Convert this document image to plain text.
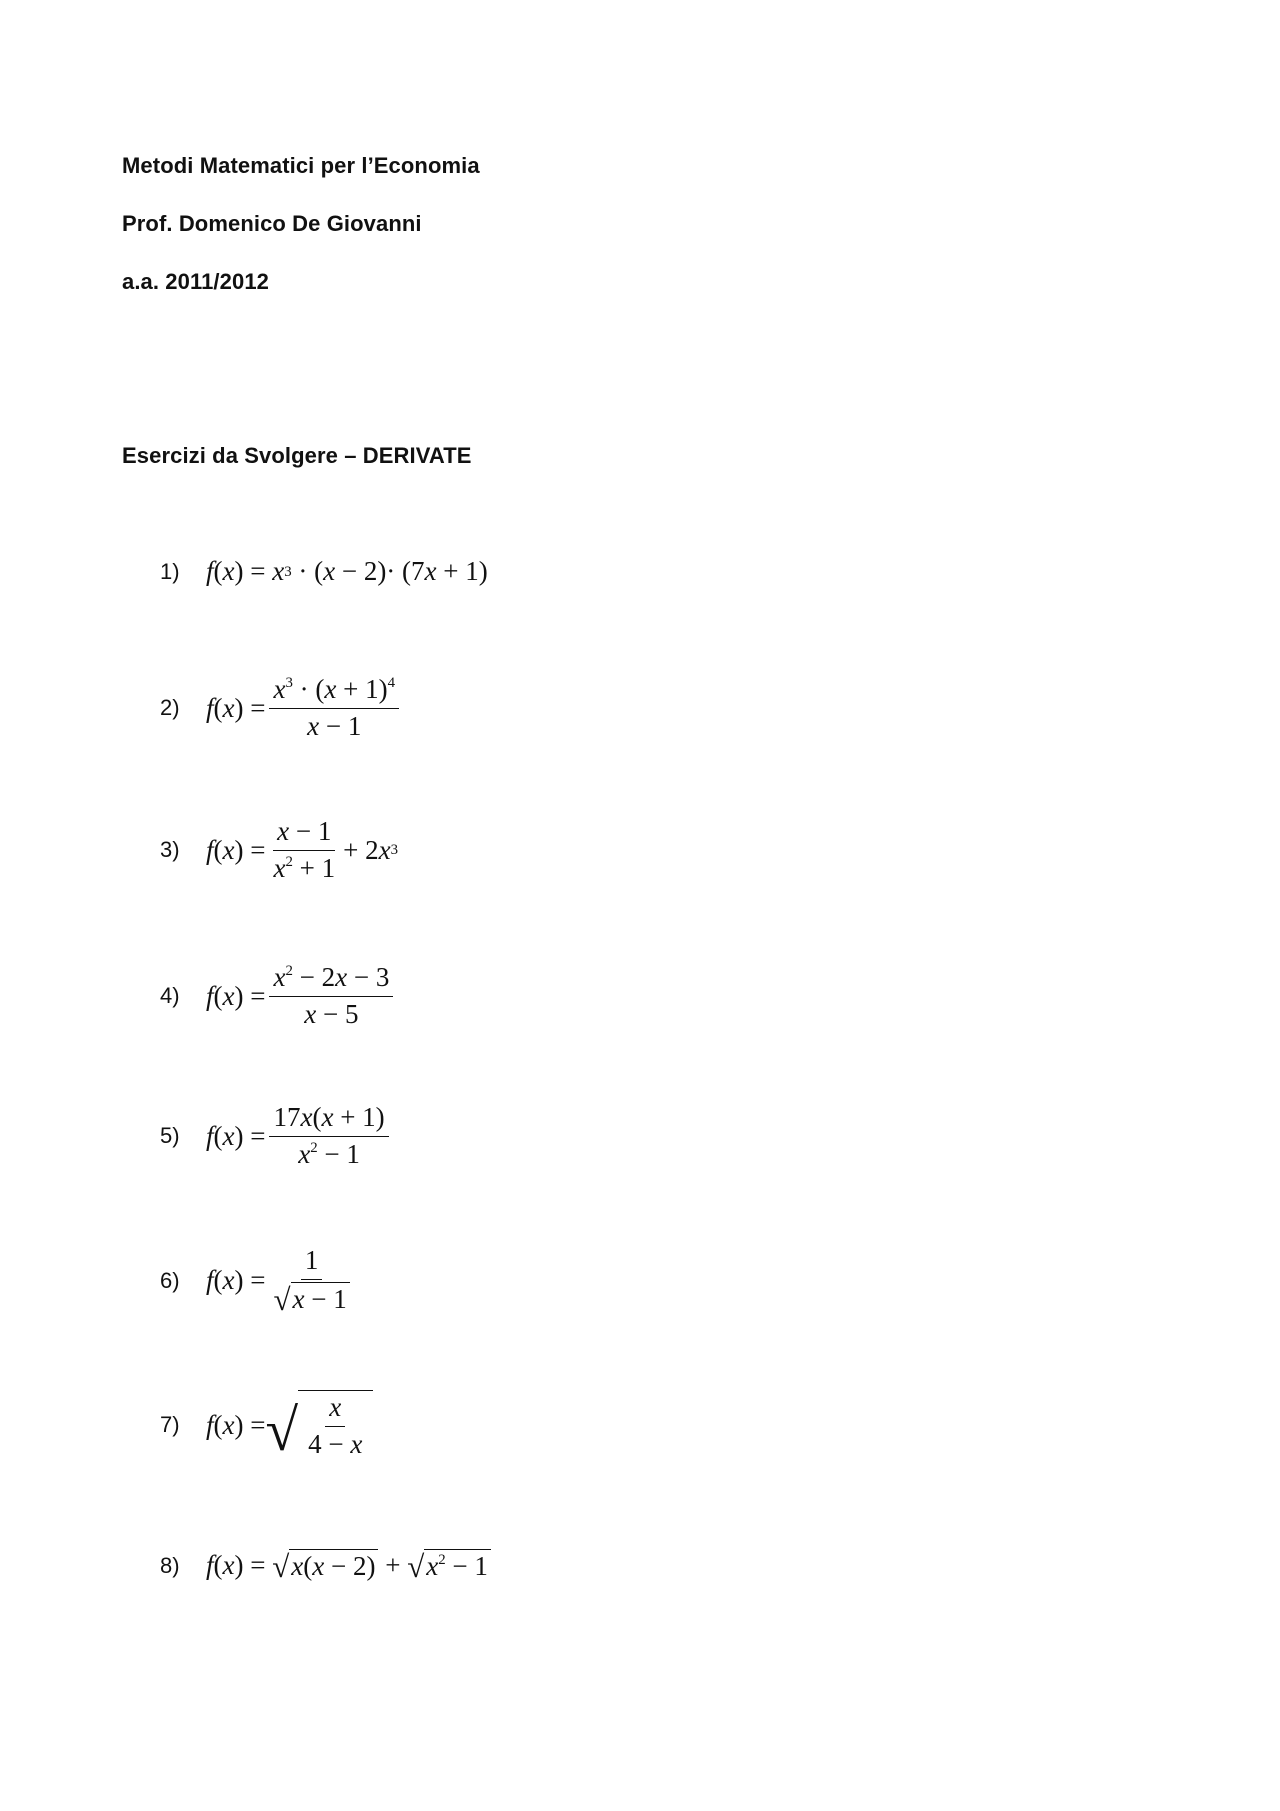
Metodi Matematici per l’Economia
Prof. Domenico De Giovanni
a.a. 2011/2012
Esercizi da Svolgere – DERIVATE
1) f ( x ) = x 3 · ( x − 2)· (7 x + 1)
2) f ( x ) = $\frac{x^3 \cdot (x + 1)^4}{x - 1}$
3) f ( x ) = $\frac{x - 1}{x^2 + 1} + 2$ x 3
4) f ( x ) = $\frac{x^2 - 2x - 3}{x - 5}$
5) f ( x ) = $\frac{17x(x + 1)}{x^2 - 1}$
6) f ( x ) = $\frac{1}{√ x - 1}$
7) f ( x ) = √ $\frac{x}{4 - x}$
8) f ( x ) = √ x(x − 2) + √ $x^2 - 1$
